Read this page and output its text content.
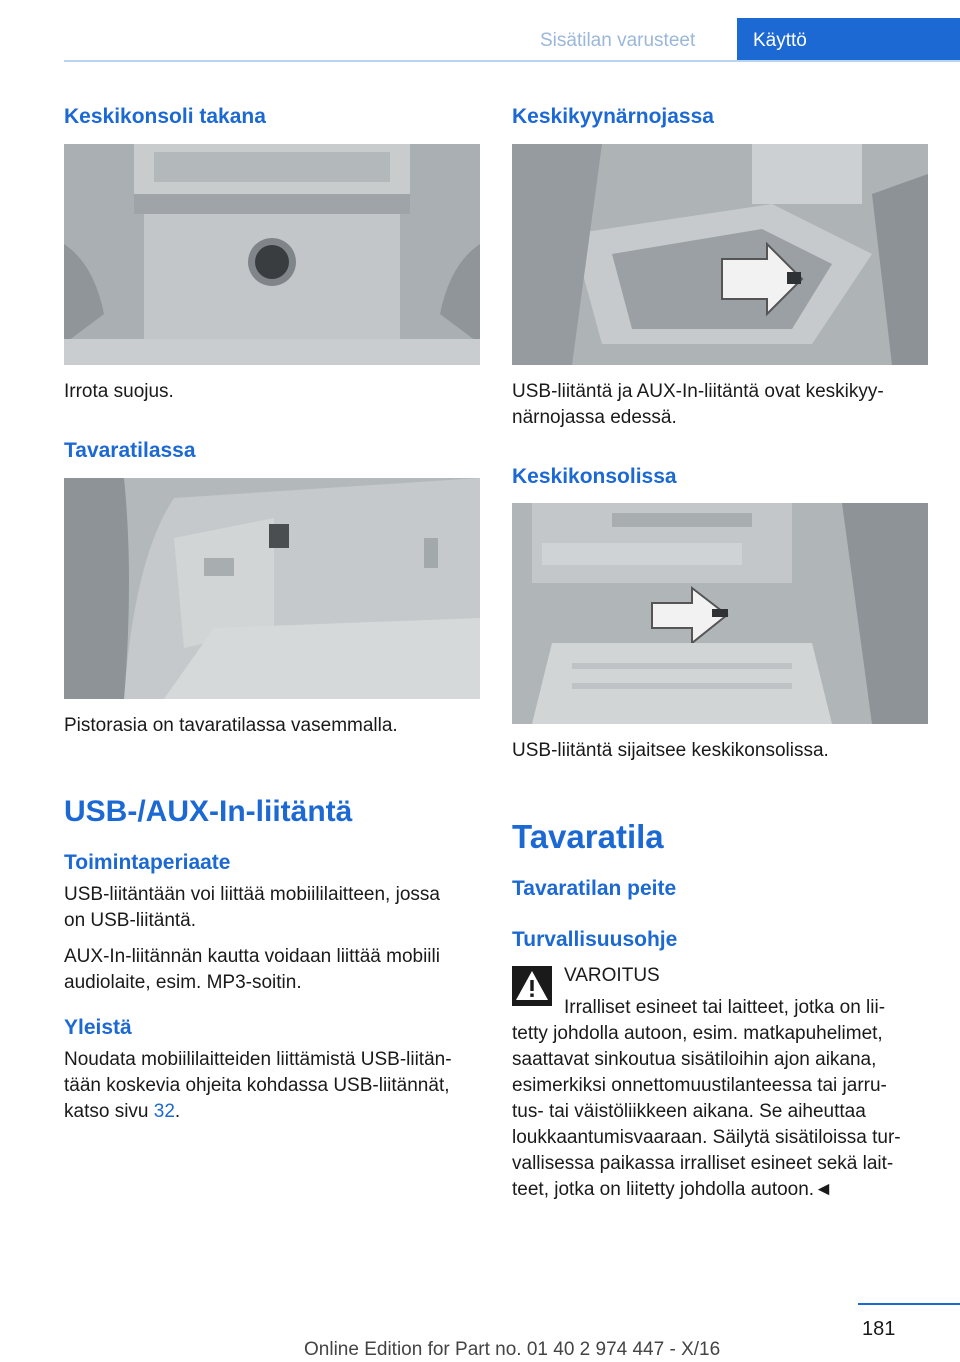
Sisätilan varusteet	Käyttö
Keskikonsoli takana
Irrota suojus.
Tavaratilassa
Pistorasia on tavaratilassa vasemmalla.
USB-/AUX-In-liitäntä
Toimintaperiaate
USB-liitäntään voi liittää mobiililaitteen, jossa
on USB-liitäntä.
AUX-In-liitännän kautta voidaan liittää mobiili
audiolaite, esim. MP3-soitin.
Yleistä
Noudata mobiililaitteiden liittämistä USB-liitän-
tään koskevia ohjeita kohdassa USB-liitännät,
katso sivu 32.
Keskikyynärnojassa
USB-liitäntä ja AUX-In-liitäntä ovat keskikyy-
närnojassa edessä.
Keskikonsolissa
USB-liitäntä sijaitsee keskikonsolissa.
Tavaratila
Tavaratilan peite
Turvallisuusohje
VAROITUS
Irralliset esineet tai laitteet, jotka on lii-
tetty johdolla autoon, esim. matkapuhelimet,
saattavat sinkoutua sisätiloihin ajon aikana,
esimerkiksi onnettomuustilanteessa tai jarru-
tus- tai väistöliikkeen aikana. Se aiheuttaa
loukkaantumisvaaraan. Säilytä sisätiloissa tur-
vallisessa paikassa irralliset esineet sekä lait-
teet, jotka on liitetty johdolla autoon.◄
181
Online Edition for Part no. 01 40 2 974 447 - X/16
